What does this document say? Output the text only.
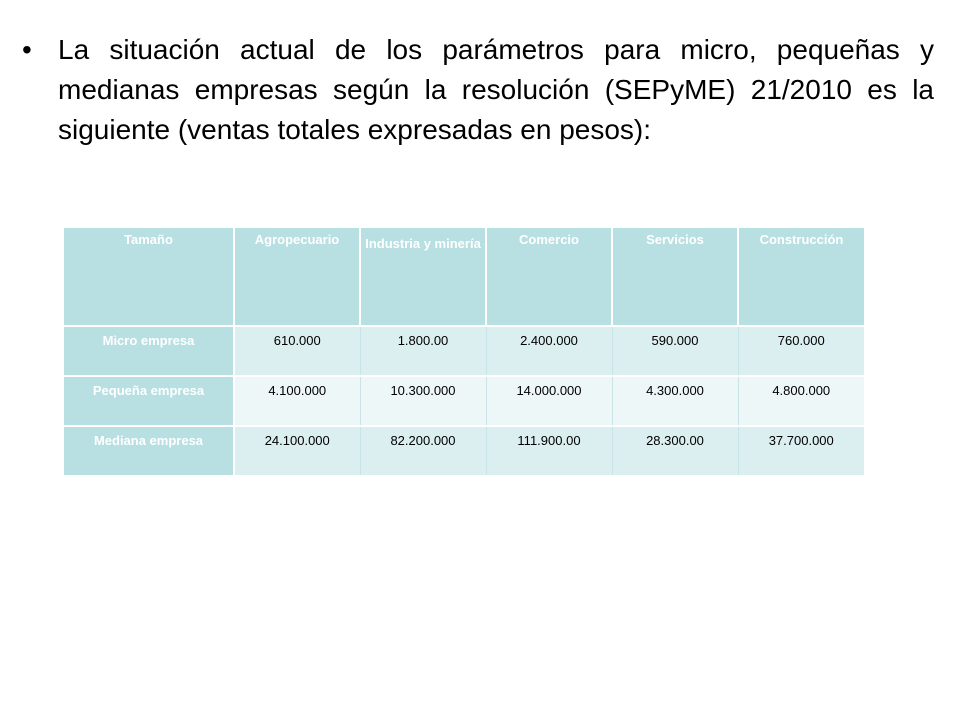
• La situación actual de los parámetros para micro, pequeñas y medianas empresas según la resolución (SEPyME) 21/2010 es la siguiente (ventas totales expresadas en pesos):
Tamaño	Agropecuario	Industria y minería	Comercio	Servicios	Construcción
Micro empresa	610.000	1.800.00	2.400.000	590.000	760.000
Pequeña empresa	4.100.000	10.300.000	14.000.000	4.300.000	4.800.000
Mediana empresa	24.100.000	82.200.000	111.900.00	28.300.00	37.700.000
